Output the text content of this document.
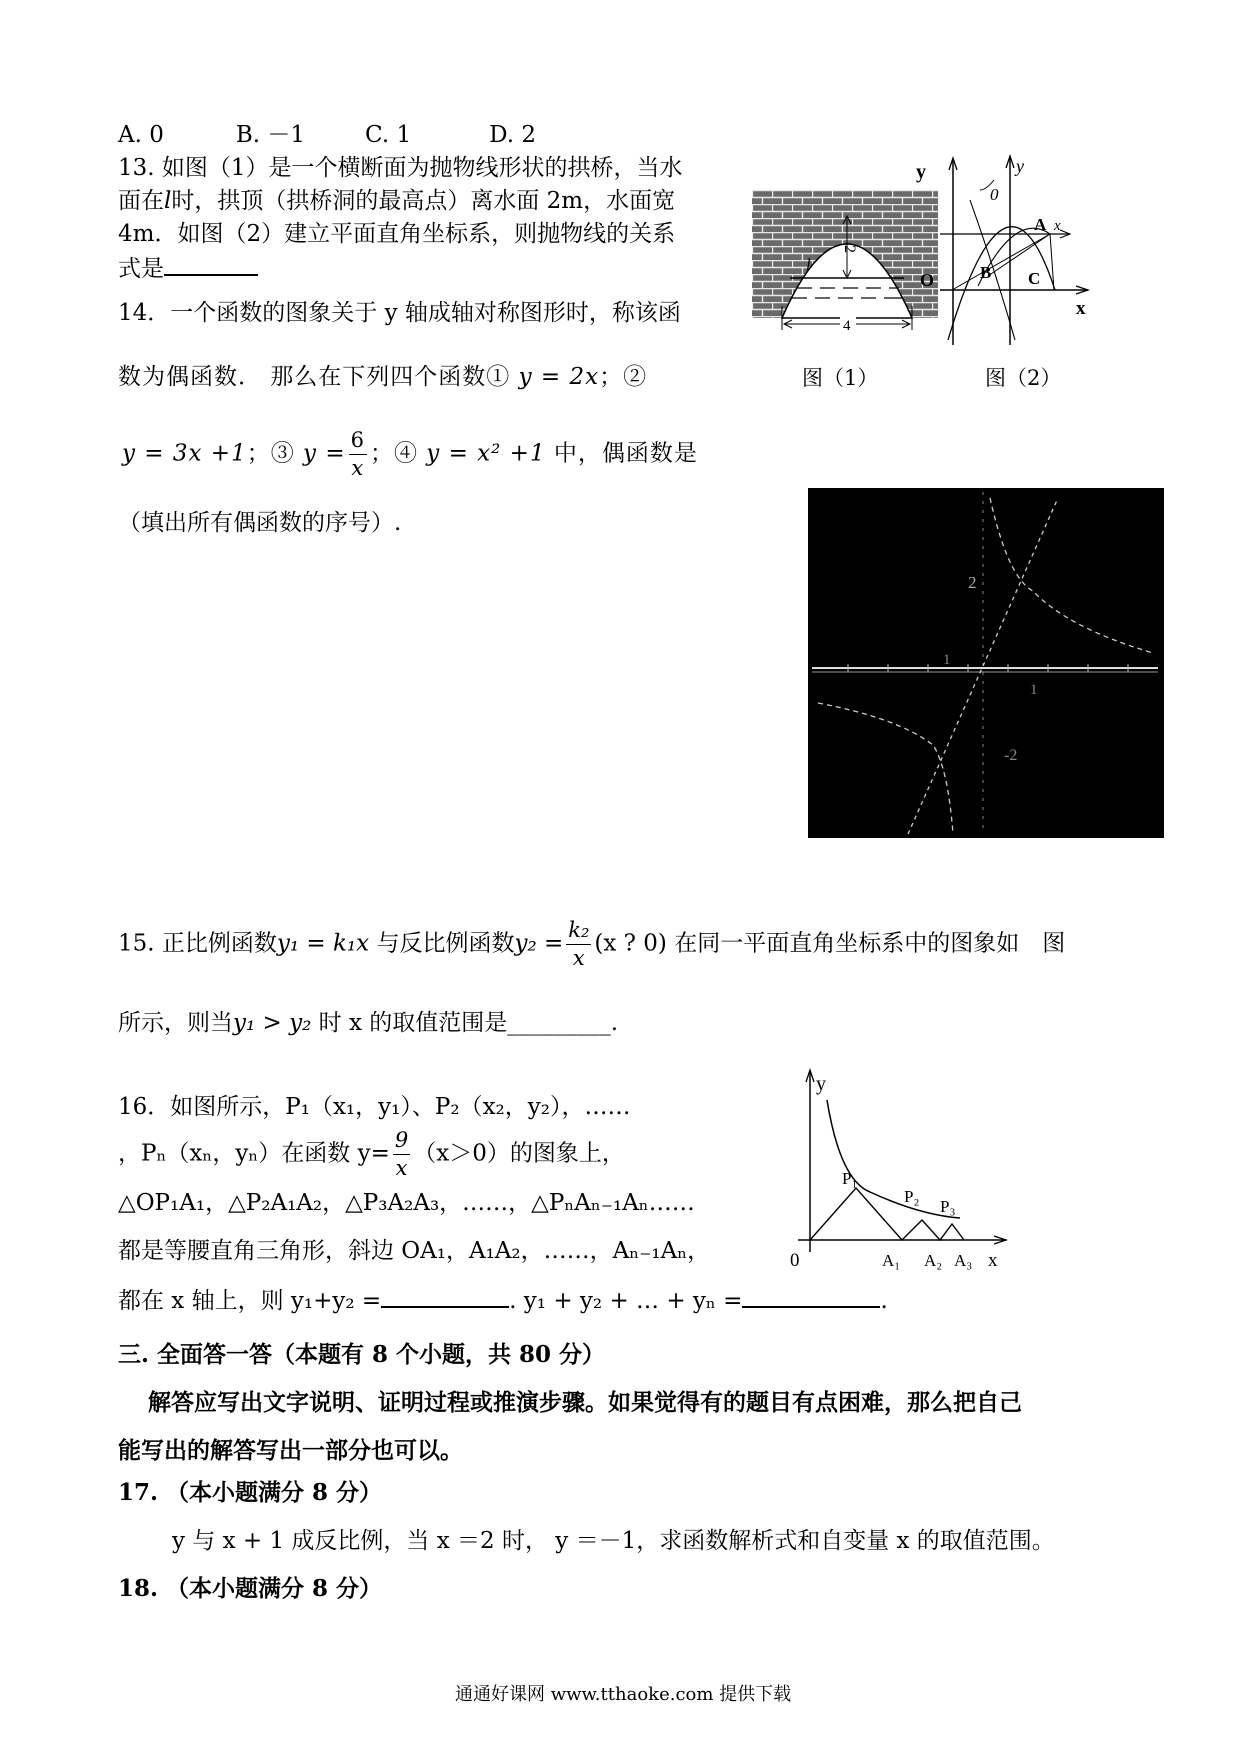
A. 0	B. －1	C. 1	D. 2
13. 如图（1）是一个横断面为抛物线形状的拱桥，当水
面在l时，拱顶（拱桥洞的最高点）离水面 2m，水面宽
4m．如图（2）建立平面直角坐标系，则抛物线的关系
式是
2
l
4
图（1）
y	y
0
A x
O	B C
x
图（2）
14．一个函数的图象关于 y 轴成轴对称图形时，称该函
数为偶函数． 那么在下列四个函数① y = 2x；②
y = 3x +1；③ $y = \frac{6}{x}$ ；④ y = x² +1 中，偶函数是
（填出所有偶函数的序号）.
2
1
1
-2
15. 正比例函数y₁ = k₁x 与反比例函数$y_2 = \frac{\text{k₂}}{x} (x$ ? 0) 在同一平面直角坐标系中的图象如　图
所示，则当y₁ > y₂ 时 x 的取值范围是_________.
16．如图所示，P₁（x₁，y₁）、P₂（x₂，y₂），……
，Pₙ（xₙ，yₙ）在函数 $y= \frac{9}{x} (x>0)$的图象上，
△OP₁A₁，△P₂A₁A₂，△P₃A₂A₃，……，△PₙAₙ₋₁Aₙ……
都是等腰直角三角形，斜边 OA₁，A₁A₂，……，Aₙ₋₁Aₙ，
都在 x 轴上，则 y₁+y₂ =	. y₁ + y₂ + … + yₙ =	.
y
P₁
P₂
P₃
0	A₁ A₂ A₃ x
三. 全面答一答（本题有 8 个小题，共 80 分）
解答应写出文字说明、证明过程或推演步骤。如果觉得有的题目有点困难，那么把自己
能写出的解答写出一部分也可以。
17. （本小题满分 8 分）
y 与 x + 1 成反比例，当 x ＝2 时， y ＝－1，求函数解析式和自变量 x 的取值范围。
18. （本小题满分 8 分）
通通好课网 www.tthaoke.com 提供下载
